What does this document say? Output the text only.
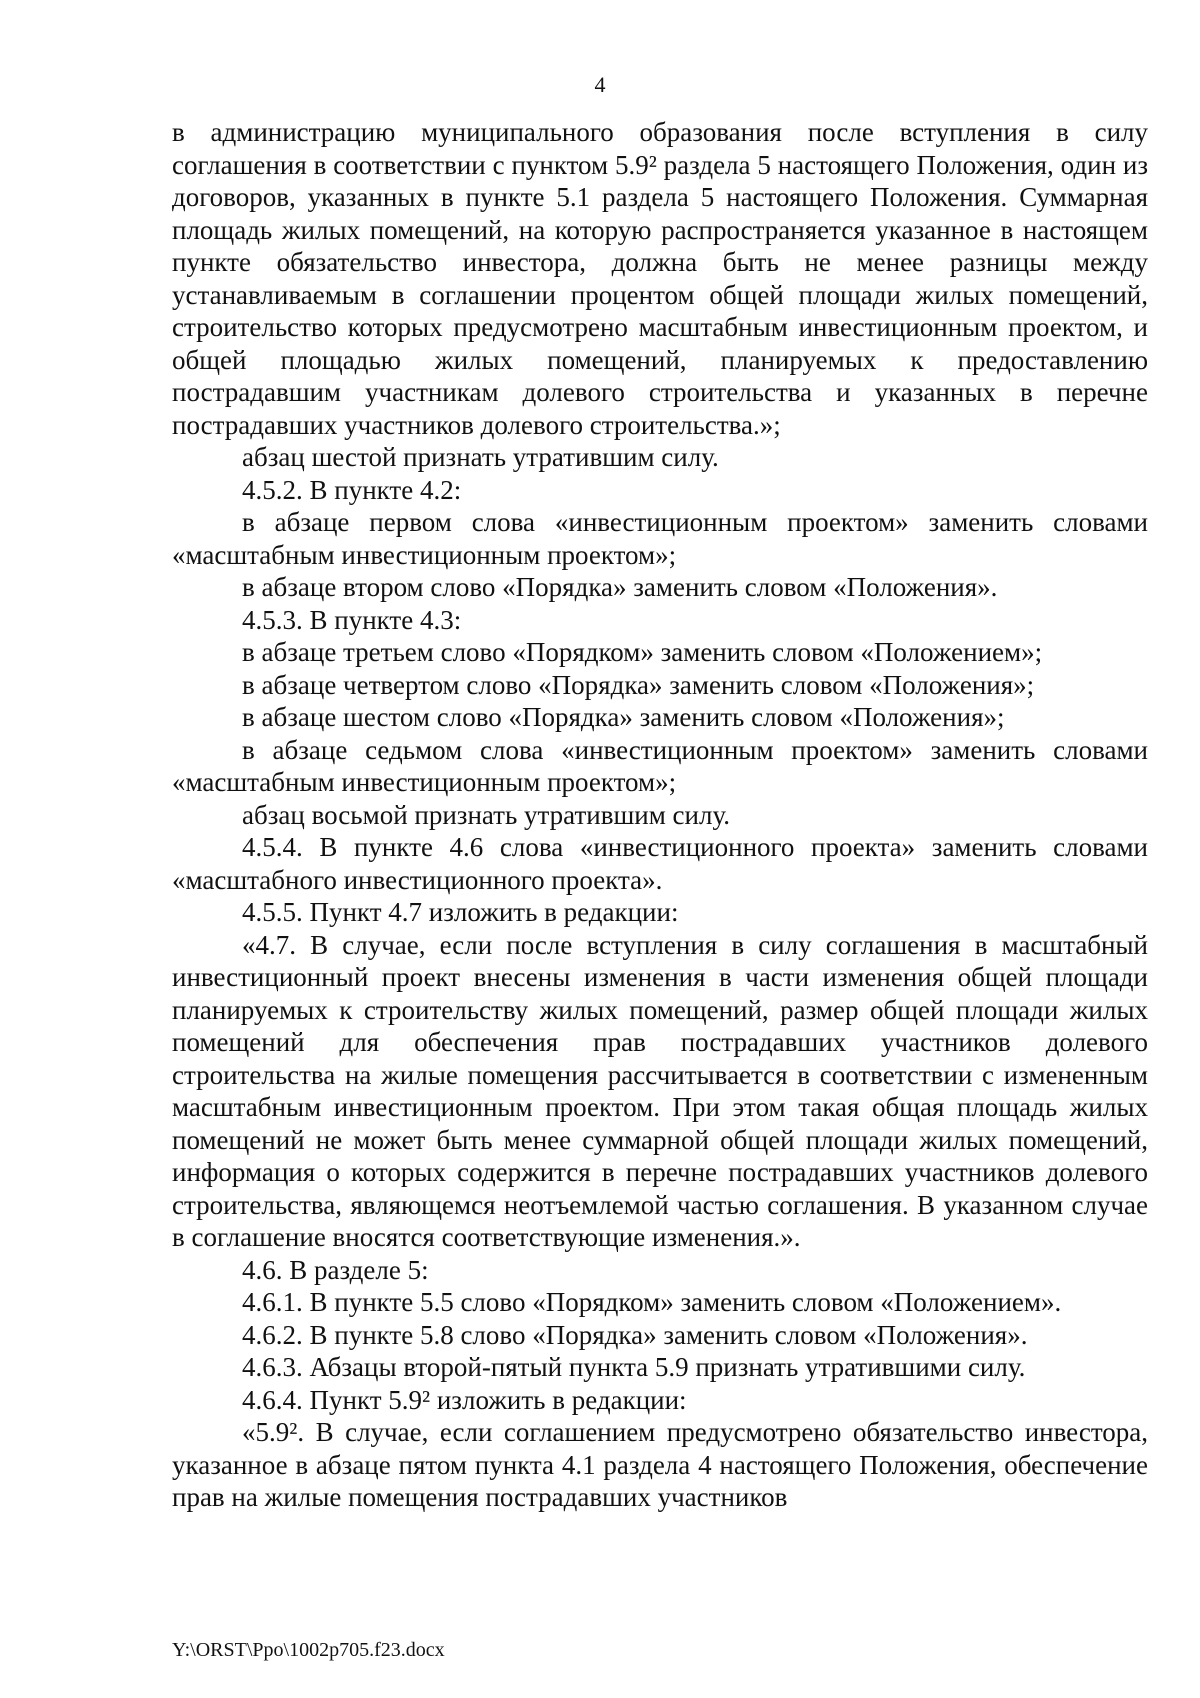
4

в администрацию муниципального образования после вступления в силу соглашения в соответствии с пунктом 5.9² раздела 5 настоящего Положения, один из договоров, указанных в пункте 5.1 раздела 5 настоящего Положения. Суммарная площадь жилых помещений, на которую распространяется указанное в настоящем пункте обязательство инвестора, должна быть не менее разницы между устанавливаемым в соглашении процентом общей площади жилых помещений, строительство которых предусмотрено масштабным инвестиционным проектом, и общей площадью жилых помещений, планируемых к предоставлению пострадавшим участникам долевого строительства и указанных в перечне пострадавших участников долевого строительства.»;

абзац шестой признать утратившим силу.

4.5.2. В пункте 4.2:

в абзаце первом слова «инвестиционным проектом» заменить словами «масштабным инвестиционным проектом»;

в абзаце втором слово «Порядка» заменить словом «Положения».

4.5.3. В пункте 4.3:

в абзаце третьем слово «Порядком» заменить словом «Положением»;

в абзаце четвертом слово «Порядка» заменить словом «Положения»;

в абзаце шестом слово «Порядка» заменить словом «Положения»;

в абзаце седьмом слова «инвестиционным проектом» заменить словами «масштабным инвестиционным проектом»;

абзац восьмой признать утратившим силу.

4.5.4. В пункте 4.6 слова «инвестиционного проекта» заменить словами «масштабного инвестиционного проекта».

4.5.5. Пункт 4.7 изложить в редакции:

«4.7. В случае, если после вступления в силу соглашения в масштабный инвестиционный проект внесены изменения в части изменения общей площади планируемых к строительству жилых помещений, размер общей площади жилых помещений для обеспечения прав пострадавших участников долевого строительства на жилые помещения рассчитывается в соответствии с измененным масштабным инвестиционным проектом. При этом такая общая площадь жилых помещений не может быть менее суммарной общей площади жилых помещений, информация о которых содержится в перечне пострадавших участников долевого строительства, являющемся неотъемлемой частью соглашения. В указанном случае в соглашение вносятся соответствующие изменения.».

4.6. В разделе 5:

4.6.1. В пункте 5.5 слово «Порядком» заменить словом «Положением».

4.6.2. В пункте 5.8 слово «Порядка» заменить словом «Положения».

4.6.3. Абзацы второй-пятый пункта 5.9 признать утратившими силу.

4.6.4. Пункт 5.9² изложить в редакции:

«5.9². В случае, если соглашением предусмотрено обязательство инвестора, указанное в абзаце пятом пункта 4.1 раздела 4 настоящего Положения, обеспечение прав на жилые помещения пострадавших участников

Y:\ORST\Ppo\1002p705.f23.docx
